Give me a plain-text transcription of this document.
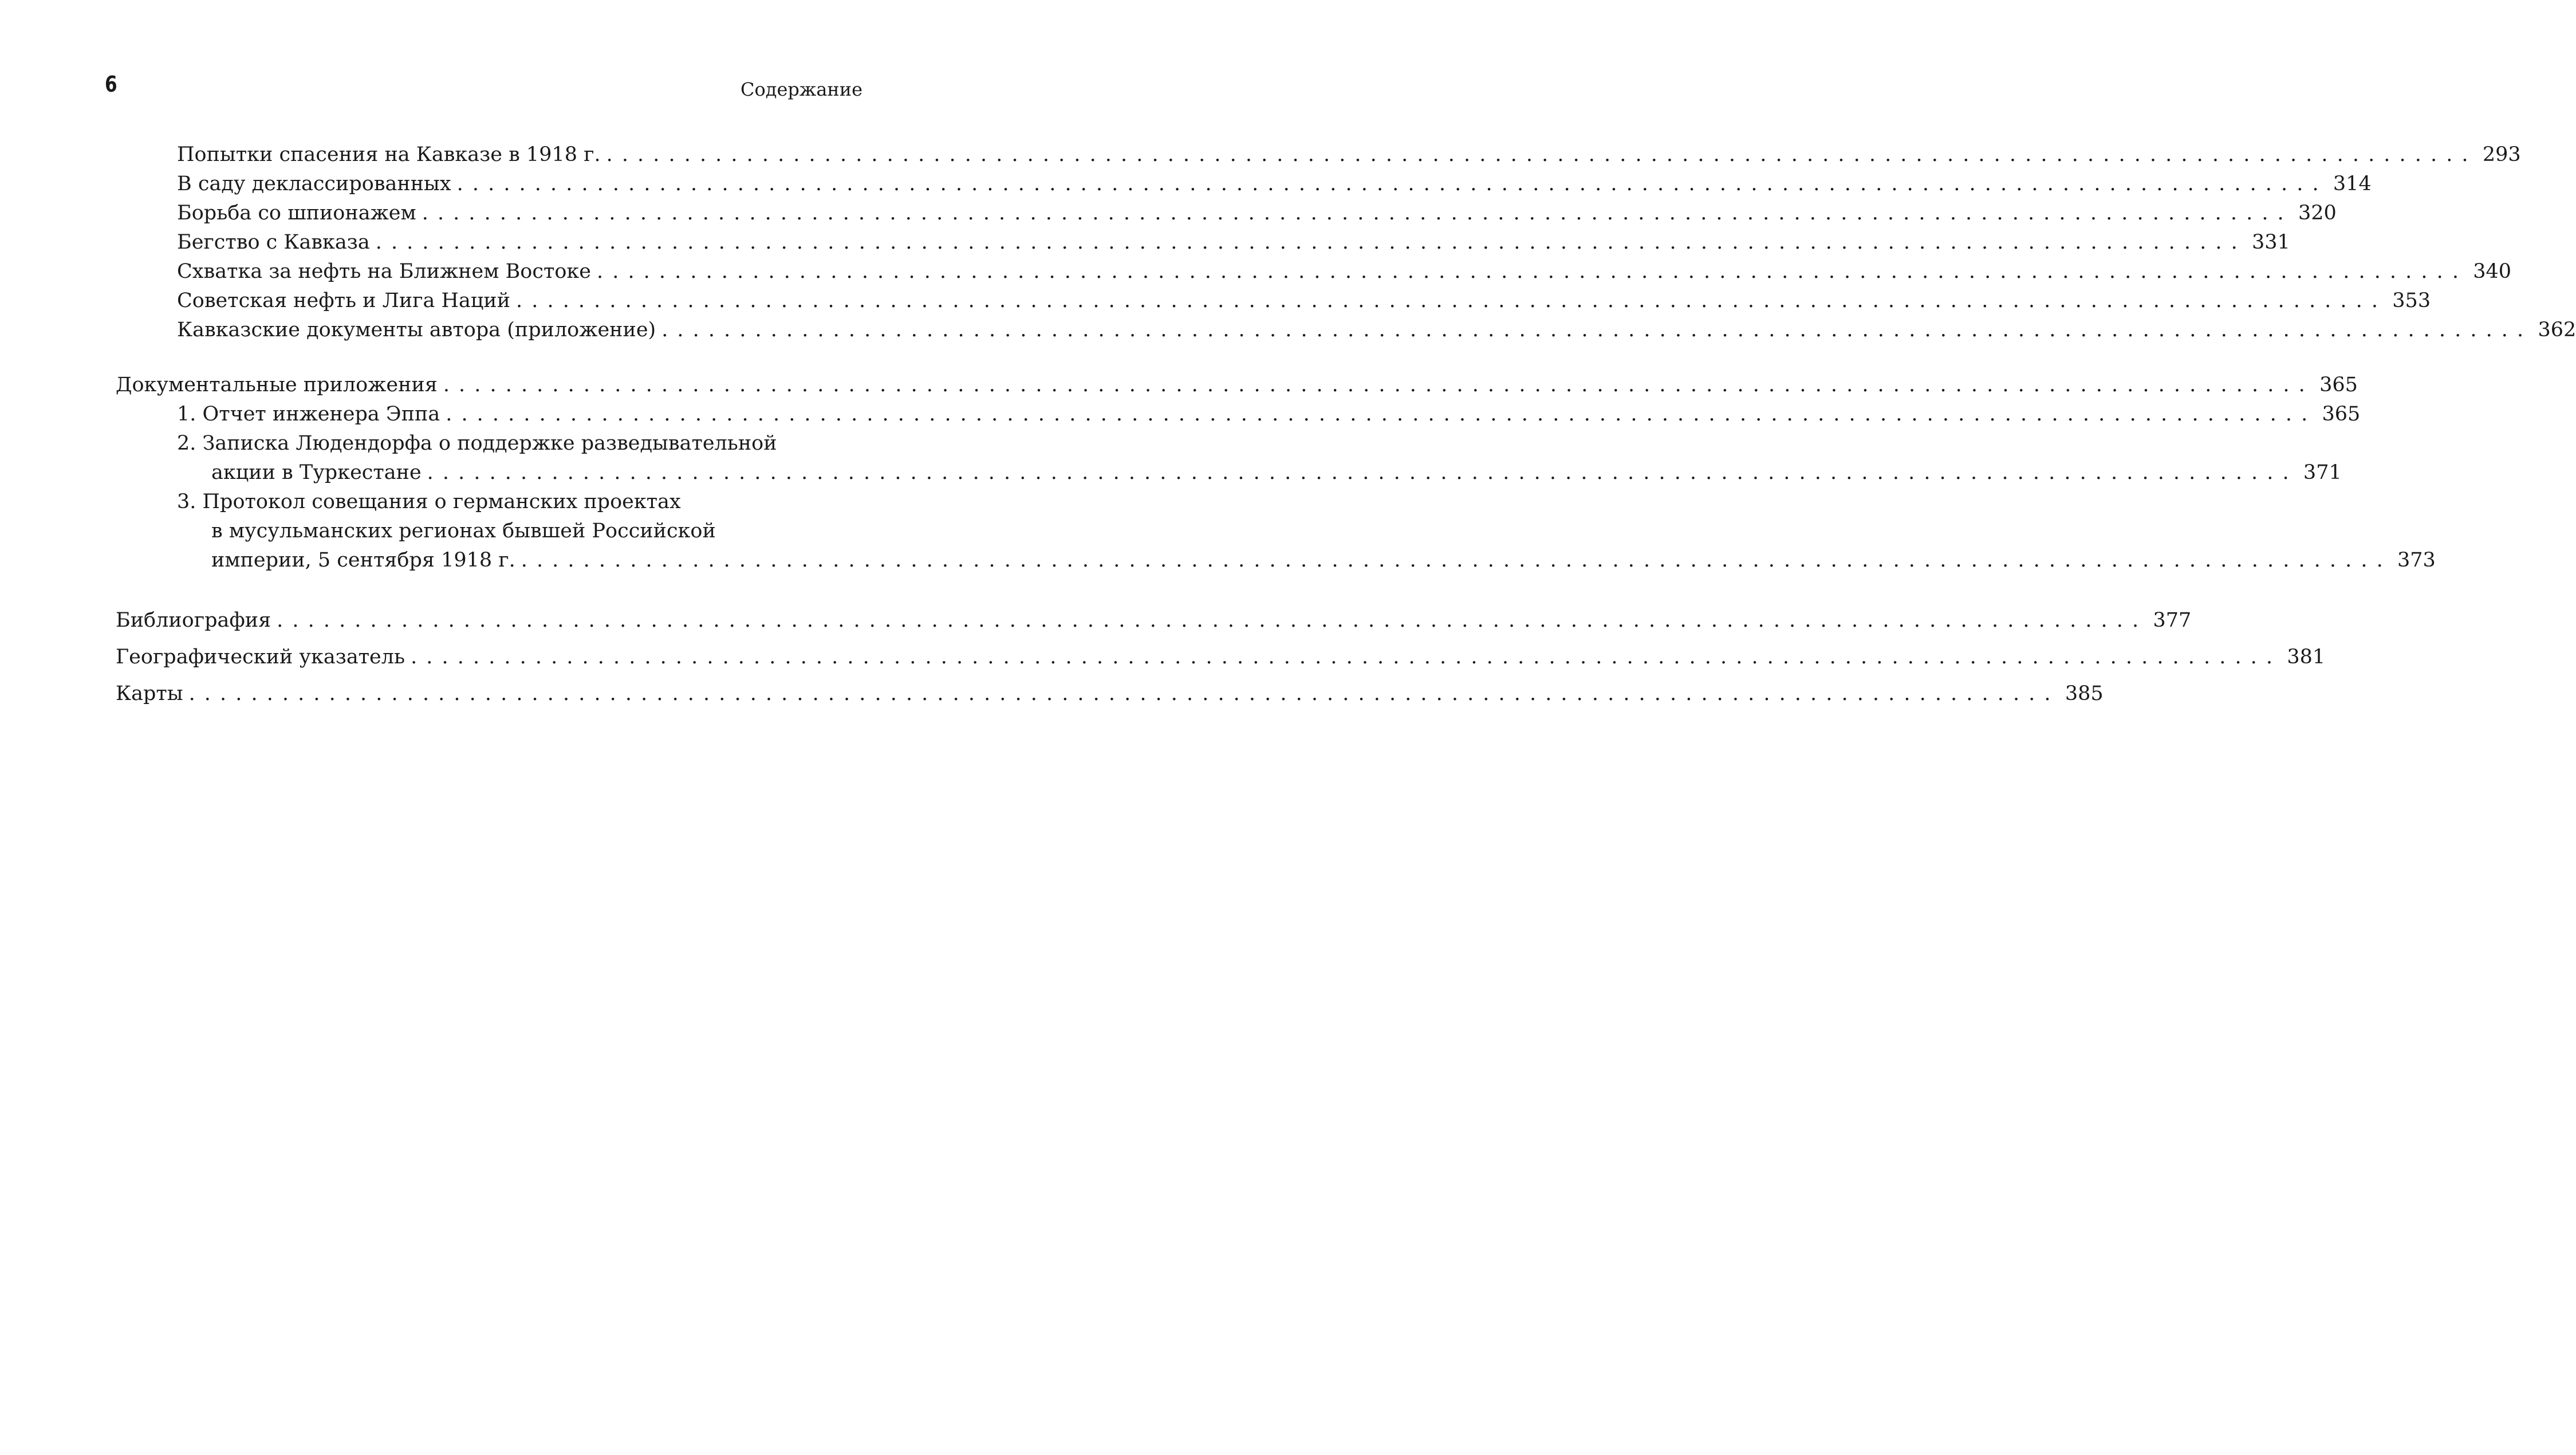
6	Содержание
Попытки спасения на Кавказе в 1918 г. ........................................................................................................................ 293
В саду деклассированных ........................................................................................................................ 314
Борьба со шпионажем ........................................................................................................................ 320
Бегство с Кавказа ........................................................................................................................ 331
Схватка за нефть на Ближнем Востоке ........................................................................................................................ 340
Советская нефть и Лига Наций ........................................................................................................................ 353
Кавказские документы автора (приложение) ........................................................................................................................ 362
Документальные приложения ........................................................................................................................ 365
1. Отчет инженера Эппа ........................................................................................................................ 365
2. Записка Людендорфа о поддержке разведывательной
акции в Туркестане ........................................................................................................................ 371
3. Протокол совещания о германских проектах
в мусульманских регионах бывшей Российской
империи, 5 сентября 1918 г. ........................................................................................................................ 373
Библиография ........................................................................................................................ 377
Географический указатель ........................................................................................................................ 381
Карты ........................................................................................................................ 385
